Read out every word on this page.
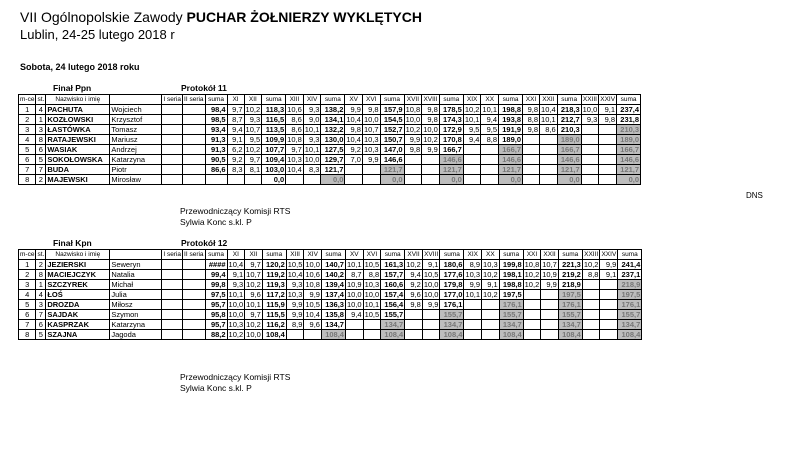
VII Ogólnopolskie Zawody PUCHAR ŻOŁNIERZY WYKLĘTYCH
Lublin, 24-25 lutego 2018 r
Sobota, 24 lutego 2018 roku
Finał Ppn	Protokół 11
m-ce	st.	Nazwisko i imię		I seria	II seria	suma	XI	XII	suma	XIII	XIV	suma	XV	XVI	suma	XVII	XVIII	suma	XIX	XX	suma	XXI	XXII	suma	XXIII	XXIV	suma
1	4	PACHUTA	Wojciech			98,4	9,7	10,2	118,3	10,6	9,3	138,2	9,9	9,8	157,9	10,8	9,8	178,5	10,2	10,1	198,8	9,8	10,4	218,3	10,0	9,1	237,4
2	1	KOZŁOWSKI	Krzysztof			98,5	8,7	9,3	116,5	8,6	9,0	134,1	10,4	10,0	154,5	10,0	9,8	174,3	10,1	9,4	193,8	8,8	10,1	212,7	9,3	9,8	231,8
3	3	ŁASTÓWKA	Tomasz			93,4	9,4	10,7	113,5	8,6	10,1	132,2	9,8	10,7	152,7	10,2	10,0	172,9	9,5	9,5	191,9	9,8	8,6	210,3			210,3
4	8	RATAJEWSKI	Mariusz			91,3	9,1	9,5	109,9	10,8	9,3	130,0	10,4	10,3	150,7	9,9	10,2	170,8	9,4	8,8	189,0			189,0			189,0
5	6	WASIAK	Andrzej			91,3	6,2	10,2	107,7	9,7	10,1	127,5	9,2	10,3	147,0	9,8	9,9	166,7			166,7			166,7			166,7
6	5	SOKOŁOWSKA	Katarzyna			90,5	9,2	9,7	109,4	10,3	10,0	129,7	7,0	9,9	146,6			146,6			146,6			146,6			146,6
7	7	BUDA	Piotr			86,6	8,3	8,1	103,0	10,4	8,3	121,7			121,7			121,7			121,7			121,7			121,7
8	2	MAJEWSKI	Mirosław						0,0			0,0			0,0			0,0			0,0			0,0			0,0
Przewodniczący Komisji RTS
Sylwia Konc s.kl. P
Finał Kpn	Protokół 12
m-ce	st.	Nazwisko i imię		I seria	II seria	suma	XI	XII	suma	XIII	XIV	suma	XV	XVI	suma	XVII	XVIII	suma	XIX	XX	suma	XXI	XXII	suma	XXIII	XXIV	suma
1	2	JEZIERSKI	Seweryn			####	10,4	9,7	120,2	10,5	10,0	140,7	10,1	10,5	161,3	10,2	9,1	180,6	8,9	10,3	199,8	10,8	10,7	221,3	10,2	9,9	241,4
2	8	MACIEJCZYK	Natalia			99,4	9,1	10,7	119,2	10,4	10,6	140,2	8,7	8,8	157,7	9,4	10,5	177,6	10,3	10,2	198,1	10,2	10,9	219,2	8,8	9,1	237,1
3	1	SZCZYREK	Michał			99,8	9,3	10,2	119,3	9,3	10,8	139,4	10,9	10,3	160,6	9,2	10,0	179,8	9,9	9,1	198,8	10,2	9,9	218,9			218,9
4	4	ŁOŚ	Julia			97,5	10,1	9,6	117,2	10,3	9,9	137,4	10,0	10,0	157,4	9,6	10,0	177,0	10,1	10,2	197,5			197,5			197,5
5	3	DROZDA	Miłosz			95,7	10,0	10,1	115,9	9,9	10,5	136,3	10,0	10,1	156,4	9,8	9,9	176,1			176,1			176,1			176,1
6	7	SAJDAK	Szymon			95,8	10,0	9,7	115,5	9,9	10,4	135,8	9,4	10,5	155,7			155,7			155,7			155,7			155,7
7	6	KASPRZAK	Katarzyna			95,7	10,3	10,2	116,2	8,9	9,6	134,7			134,7			134,7			134,7			134,7			134,7
8	5	SZAJNA	Jagoda			88,2	10,2	10,0	108,4			108,4			108,4			108,4			108,4			108,4			108,4
Przewodniczący Komisji RTS
Sylwia Konc s.kl. P
DNS
